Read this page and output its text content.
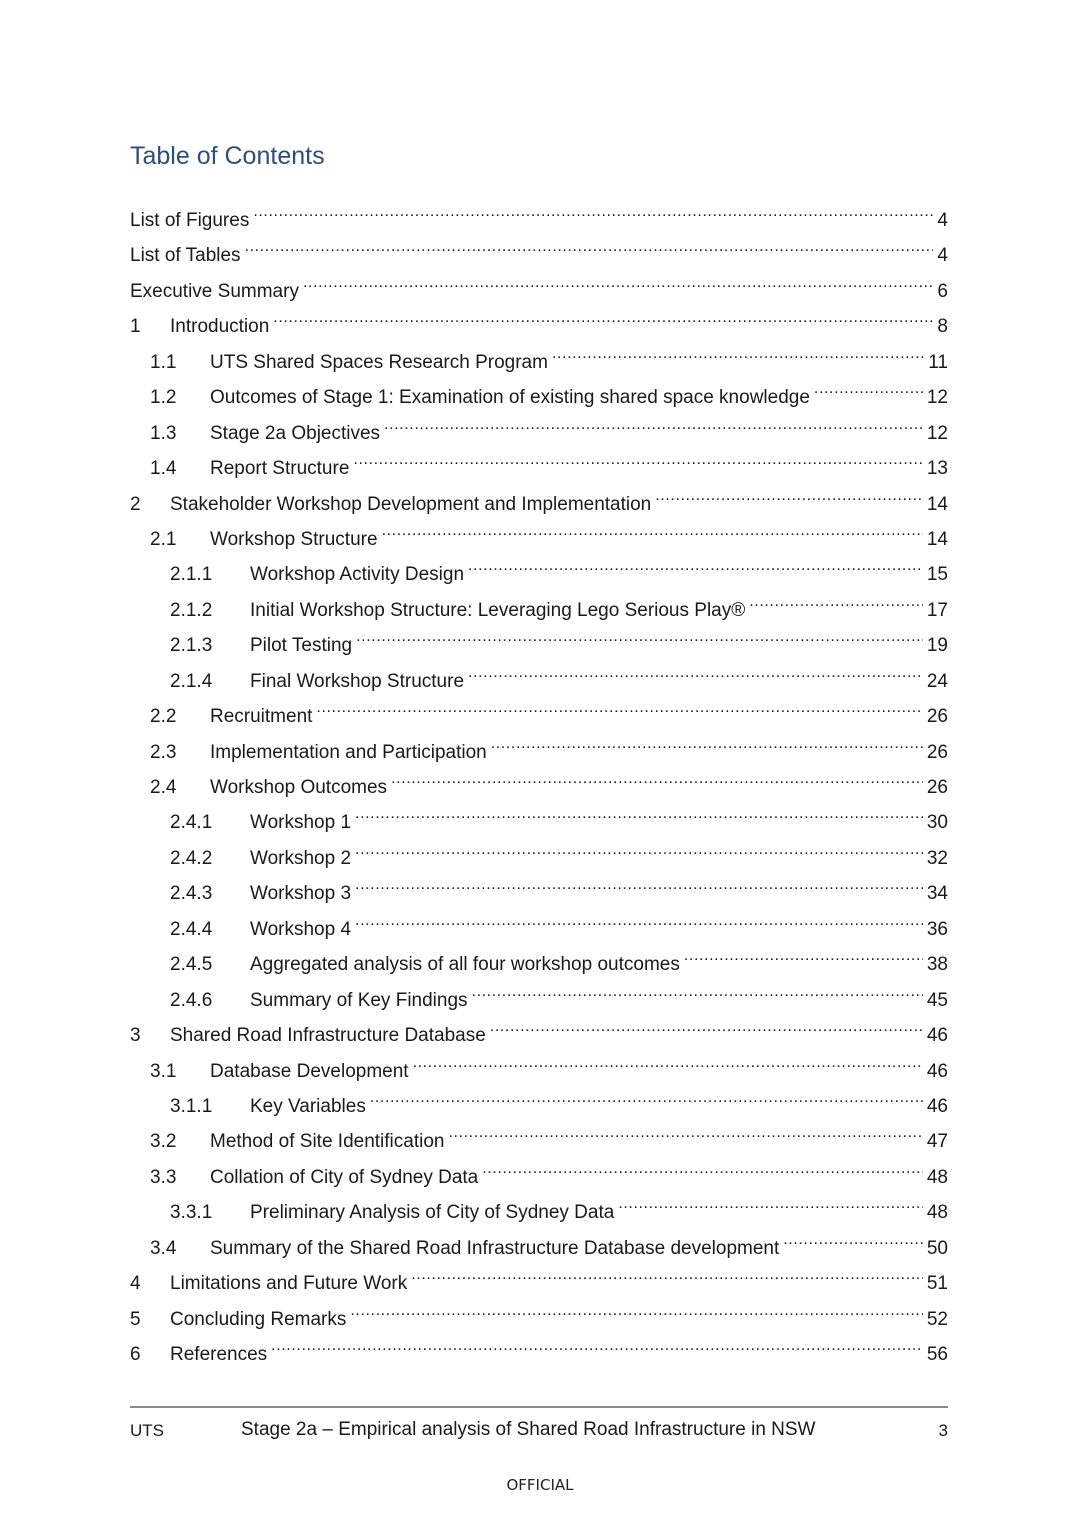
Table of Contents
List of Figures .....	4
List of Tables .....	4
Executive Summary .....	6
1	Introduction .....	8
1.1	UTS Shared Spaces Research Program .....	11
1.2	Outcomes of Stage 1: Examination of existing shared space knowledge .....	12
1.3	Stage 2a Objectives .....	12
1.4	Report Structure .....	13
2	Stakeholder Workshop Development and Implementation .....	14
2.1	Workshop Structure .....	14
2.1.1	Workshop Activity Design .....	15
2.1.2	Initial Workshop Structure: Leveraging Lego Serious Play® .....	17
2.1.3	Pilot Testing .....	19
2.1.4	Final Workshop Structure .....	24
2.2	Recruitment .....	26
2.3	Implementation and Participation .....	26
2.4	Workshop Outcomes .....	26
2.4.1	Workshop 1 .....	30
2.4.2	Workshop 2 .....	32
2.4.3	Workshop 3 .....	34
2.4.4	Workshop 4 .....	36
2.4.5	Aggregated analysis of all four workshop outcomes .....	38
2.4.6	Summary of Key Findings .....	45
3	Shared Road Infrastructure Database .....	46
3.1	Database Development .....	46
3.1.1	Key Variables .....	46
3.2	Method of Site Identification .....	47
3.3	Collation of City of Sydney Data .....	48
3.3.1	Preliminary Analysis of City of Sydney Data .....	48
3.4	Summary of the Shared Road Infrastructure Database development .....	50
4	Limitations and Future Work .....	51
5	Concluding Remarks .....	52
6	References .....	56
UTS	Stage 2a – Empirical analysis of Shared Road Infrastructure in NSW	3
OFFICIAL
